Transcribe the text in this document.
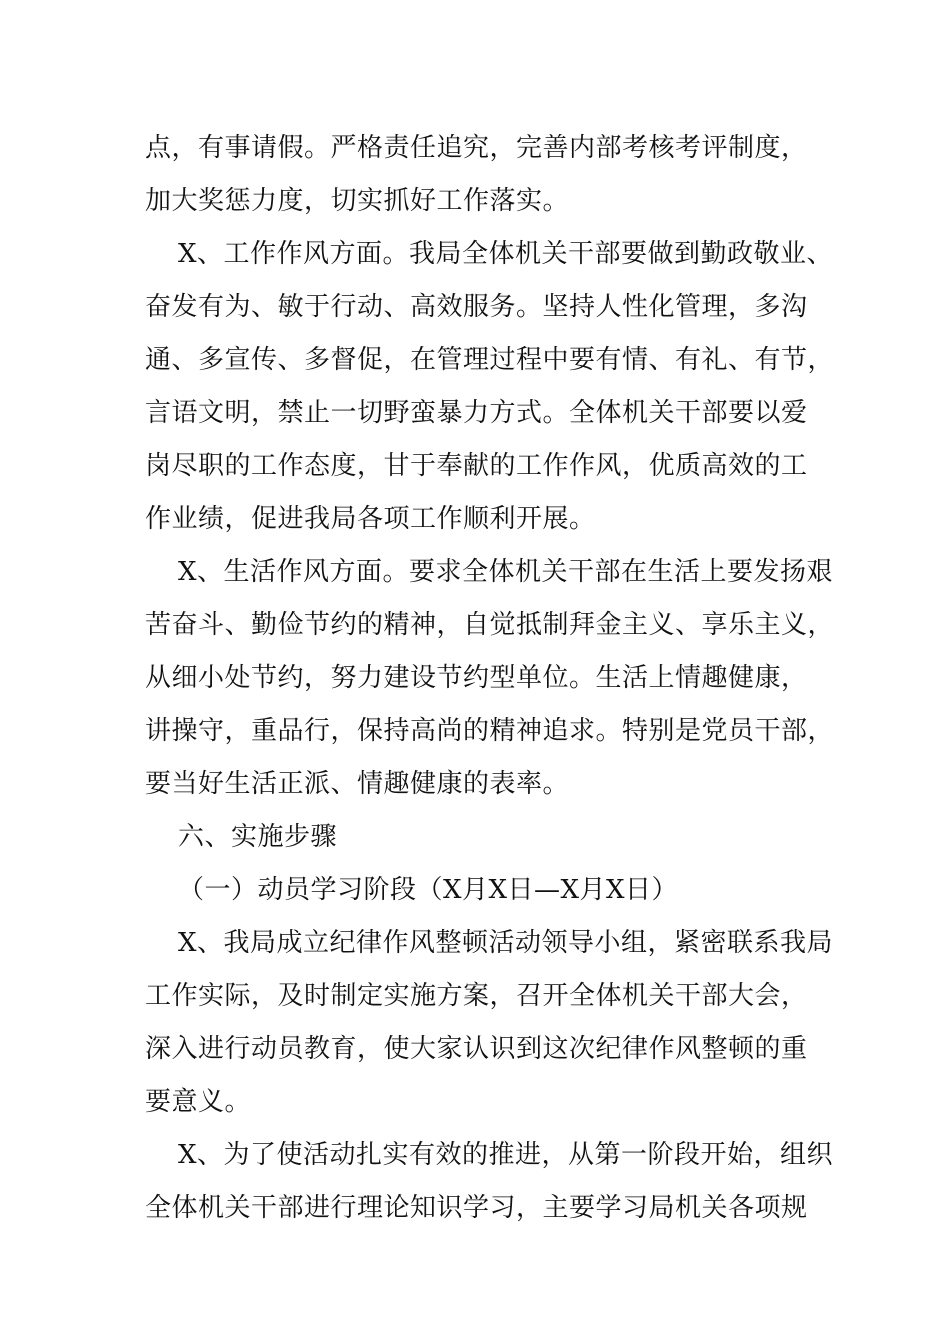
点，有事请假。严格责任追究，完善内部考核考评制度，
加大奖惩力度，切实抓好工作落实。
X、工作作风方面。我局全体机关干部要做到勤政敬业、
奋发有为、敏于行动、高效服务。坚持人性化管理，多沟
通、多宣传、多督促，在管理过程中要有情、有礼、有节，
言语文明，禁止一切野蛮暴力方式。全体机关干部要以爱
岗尽职的工作态度，甘于奉献的工作作风，优质高效的工
作业绩，促进我局各项工作顺利开展。
X、生活作风方面。要求全体机关干部在生活上要发扬艰
苦奋斗、勤俭节约的精神，自觉抵制拜金主义、享乐主义，
从细小处节约，努力建设节约型单位。生活上情趣健康，
讲操守，重品行，保持高尚的精神追求。特别是党员干部，
要当好生活正派、情趣健康的表率。
六、实施步骤
（一）动员学习阶段（X月X日—X月X日）
X、我局成立纪律作风整顿活动领导小组，紧密联系我局
工作实际，及时制定实施方案，召开全体机关干部大会，
深入进行动员教育，使大家认识到这次纪律作风整顿的重
要意义。
X、为了使活动扎实有效的推进，从第一阶段开始，组织
全体机关干部进行理论知识学习，主要学习局机关各项规
